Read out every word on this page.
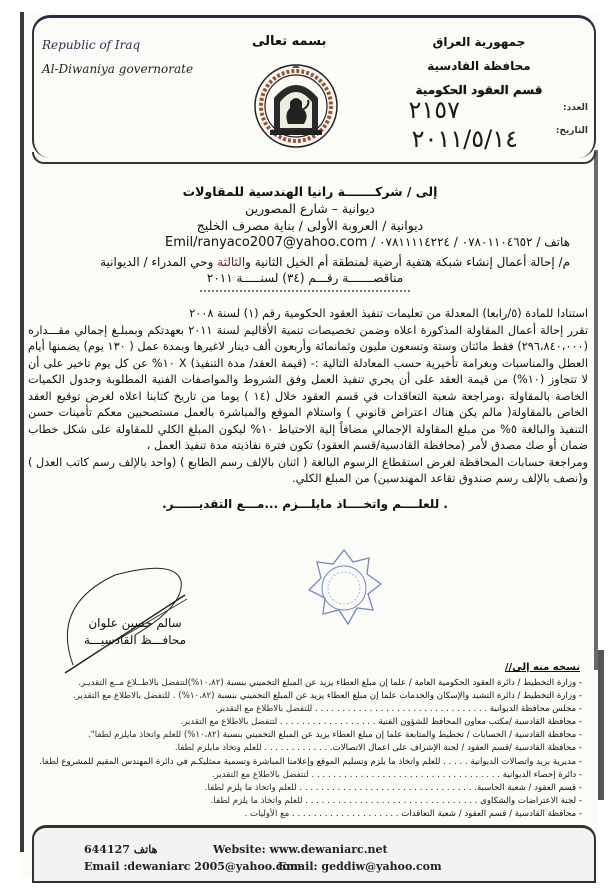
Republic of Iraq
Al-Diwaniya governorate
بسمه تعالى	جمهورية العراق
محافظة القادسية
قسم العقود الحكومية
العدد:
٢١٥٧
التاريخ:
٢٠١١/٥/١٤
إلى / شركـــــــة رانيا الهندسية للمقاولات
ديوانية – شارع المصورين
ديوانية / العروبة الأولى / بناية مصرف الخليج
هاتف / ٠٧٨٠١١٠٤٦٥٢ / ٠٧٨١١١١٤٢٢٤ / Emil/ranyaco2007@yahoo.com
م/ إحالة أعمال إنشاء شبكة هتفية أرضية لمنطقة أم الخيل الثانية والثالثة وحي المدراء / الديوانية
مناقصـــــــة رقـــم (٣٤) لسنـــــة ٢٠١١

استنادا للمادة (٥/رابعا) المعدلة من تعليمات تنفيذ العقود الحكومية رقم (١) لسنة ٢٠٠٨

تقرر إحالة أعمال المقاولة المذكورة اعلاه وضمن تخصيصات تنمية الأقاليم لسنة ٢٠١١ بعهدتكم وبمبلـغ إجمالي مقـــداره (٢٩٦،٨٤٠،٠٠٠) فقط مائتان وستة وتسعون مليون وثمانمائة وأربعون ألف دينار لاغيرها وبمدة عمل ( ١٣٠ يوم) يضمنها أيام العطل والمناسبات وبغرامة تأخيرية حسب المعادلة التالية :- (قيمة العقد/ مدة التنفيذ) X ١٠% عن كل يوم تاخير على أن لا تتجاوز (١٠%) من قيمة العقد على أن يجري تنفيذ العمل وفق الشروط والمواصفات الفنية المطلوبة وجدول الكميات الخاصة بالمقاولة ،ومراجعة شعبة التعاقدات في قسم العقود خلال (١٤ ) يوما من تاريخ كتابنا اعلاه لغرض توقيع العقد الخاص بالمقاولة( مالم يكن هناك اعتراض قانوني ) واستلام الموقع والمباشرة بالعمل مستصحبين معكم تأمينات حسن التنفيذ والبالغة ٥% من مبلغ المقاولة الإجمالي مضافاً إلية الاحتياط ١٠% ليكون المبلغ الكلي للمقاولة على شكل خطاب ضمان أو صك مصدق لأمر (محافظة القادسية/قسم العقود) تكون فترة نفاذيته مدة تنفيذ العمل ،

ومراجعة حسابات المحافظة لغرض استقطاع الرسوم البالغة ( اثنان بالإلف رسم الطابع ) (واحد بالإلف رسم كاتب العدل ) و(نصف بالإلف رسم صندوق تقاعد المهندسين) من المبلغ الكلي.

. للعلــــم واتخــــاذ مايلـــزم ...مـــع التقديــــــر.
سالم حسين علوان
محافـــظ القادسيـــة
نسخه منه إلى//
- وزارة التخطيط / دائرة العقود الحكومية العامة / علما إن مبلغ العطاء يزيد عن المبلغ التخميني بنسبة (١٠،٨٢%)لتتفضل بالاطــلاع مــع التقديـر.
- وزارة التخطيط / دائرة التشيد والإسكان والخدمات علما إن مبلغ العطاء يزيد عن المبلغ التخميني بنسبة (١٠،٨٢%) . للتفضل بالاطلاع مع التقدير.
- مجلس محافظة الديوانية . . . . . . . . . . . . . . . . . . . . . . . . . . . . . . . . للتفضل بالاطلاع مع التقدير.
- محافظة القادسية /مكتب معاون المحافظ للشؤون الفنية . . . . . . . . . . . . . . . . . . لتتفضل بالاطلاع مع التقدير.
- محافظة القادسية / الحسابات / تخطيط والمتابعة علما إن مبلغ العطاء يزيد عن المبلغ التخميني بنسبة (١٠،٨٢%) للعلم واتخاذ مايلزم لطفا".
- محافظة القادسية /قسم العقود / لجنة الإشراف على اعمال الاتصالات. . . . . . . . . . . . . للعلم وتخاذ مايلزم لطفا.
- مديرية بريد واتصالات الديوانية . . . . . للعلم واتخاذ ما يلزم وتسليم الموقع وإعلامنا المباشرة وتسمية ممثليكـم في دائرة المهندس المقيم للمشروع لطفا.
- دائرة إحصاء الديوانية . . . . . . . . . . . . . . . . . . . . . . . . . . . . . . . . . . . لتتفضل بالاطلاع مع التقدير.
- قسم العقود / شعبة الحاسبة. . . . . . . . . . . . . . . . . . . . . . . . . . . . . . . . . للعلم واتخاذ ما يلزم لطفا.
- لجنة الاعتراضات والشكاوى . . . . . . . . . . . . . . . . . . . . . . . . . . . . . . . . للعلم واتخاذ ما يلزم لطفا.
- محافظة القادسية / قسم العقود / شعبة التعاقدات . . . . . . . . . . . . . . . . . . . . مع الأوليات .
644127 هاتف	Website: www.dewaniarc.net
Email :dewaniarc 2005@yahoo.com
Email: geddiw@yahoo.com
